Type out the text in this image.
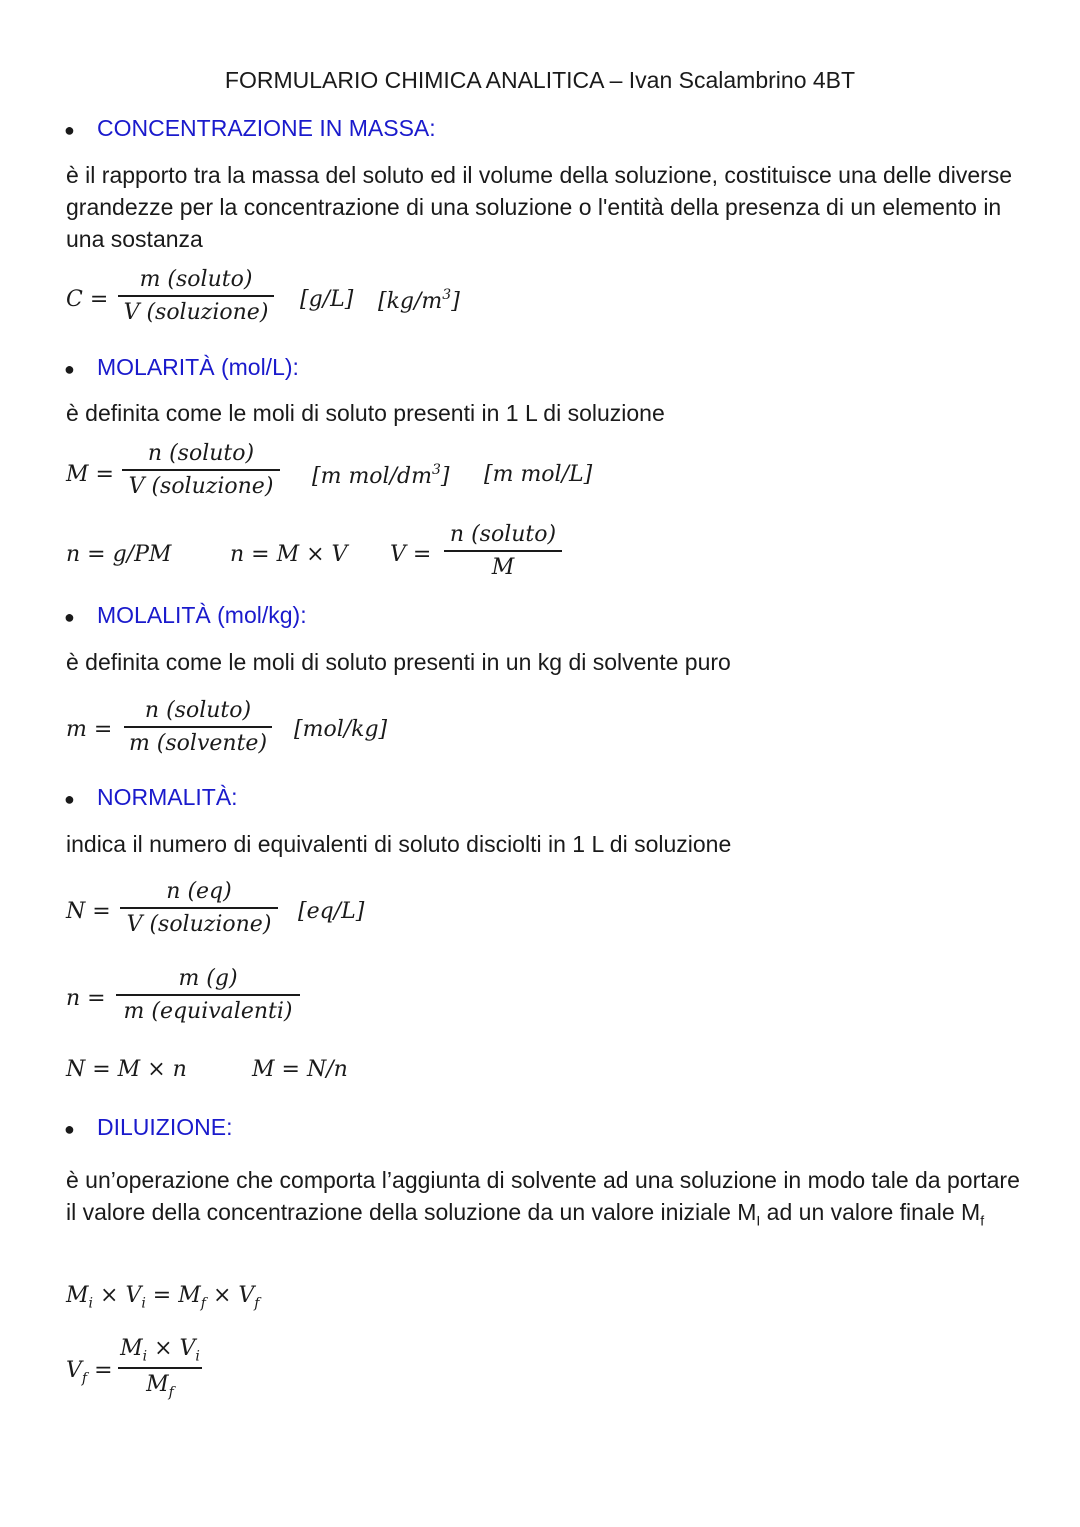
FORMULARIO CHIMICA ANALITICA – Ivan Scalambrino 4BT
● CONCENTRAZIONE IN MASSA:
è il rapporto tra la massa del soluto ed il volume della soluzione, costituisce una delle diverse grandezze per la concentrazione di una soluzione o l'entità della presenza di un elemento in una sostanza
C =
m (soluto)
V (soluzione)
[g/L] $[kg/m^3]$
● MOLARITÀ (mol/L):
è definita come le moli di soluto presenti in 1 L di soluzione
M =
n (soluto)
V (soluzione) [m mol/$dm^3$] [m mol/L]
n = g/PM	n = M × V V =
n (soluto)
M
● MOLALITÀ (mol/kg):
è definita come le moli di soluto presenti in un kg di solvente puro
m =
n (soluto)
m (solvente)
[mol/kg]
● NORMALITÀ:
indica il numero di equivalenti di soluto disciolti in 1 L di soluzione
N =
n (eq)
V (soluzione)
[eq/L]
n =
m (g)
m (equivalenti)
N = M × n	M = N/n
● DILUIZIONE:
è un’operazione che comporta l’aggiunta di solvente ad una soluzione in modo tale da portare il valore della concentrazione della soluzione da un valore iniziale $M_I$ ad un valore finale $M_f$
$M_i \times V_i = M_f \times V_f$
$V_f$ =
$M_i \times V_i$
$M_f$
